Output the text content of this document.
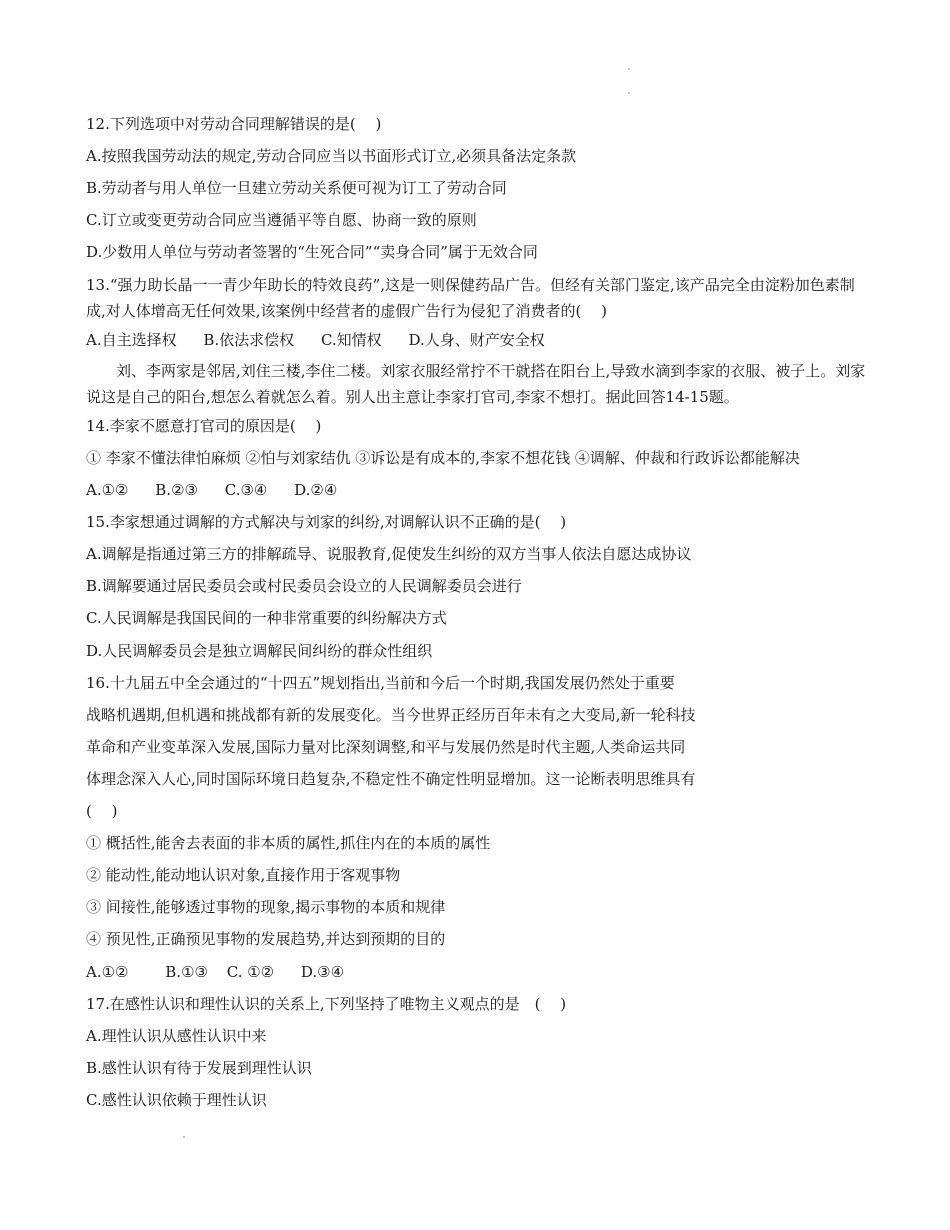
12.下列选项中对劳动合同理解错误的是(　 )
A.按照我国劳动法的规定,劳动合同应当以书面形式订立,必须具备法定条款
B.劳动者与用人单位一旦建立劳动关系便可视为订工了劳动合同
C.订立或变更劳动合同应当遵循平等自愿、协商一致的原则
D.少数用人单位与劳动者签署的“生死合同”“卖身合同”属于无效合同
13.“强力助长晶一一青少年助长的特效良药”,这是一则保健药品广告。但经有关部门鉴定,该产品完全由淀粉加色素制成,对人体增高无任何效果,该案例中经营者的虚假广告行为侵犯了消费者的(　 )
A.自主选择权 B.依法求偿权 C.知情权 D.人身、财产安全权
刘、李两家是邻居,刘住三楼,李住二楼。刘家衣服经常拧不干就搭在阳台上,导致水滴到李家的衣服、被子上。刘家说这是自己的阳台,想怎么着就怎么着。别人出主意让李家打官司,李家不想打。据此回答14-15题。
14.李家不愿意打官司的原因是(　 )
① 李家不懂法律怕麻烦 ②怕与刘家结仇 ③诉讼是有成本的,李家不想花钱 ④调解、仲裁和行政诉讼都能解决
A.①② B.②③ C.③④ D.②④
15.李家想通过调解的方式解决与刘家的纠纷,对调解认识不正确的是(　 )
A.调解是指通过第三方的排解疏导、说服教育,促使发生纠纷的双方当事人依法自愿达成协议
B.调解要通过居民委员会或村民委员会设立的人民调解委员会进行
C.人民调解是我国民间的一种非常重要的纠纷解决方式
D.人民调解委员会是独立调解民间纠纷的群众性组织
16.十九届五中全会通过的“十四五”规划指出,当前和今后一个时期,我国发展仍然处于重要
战略机遇期,但机遇和挑战都有新的发展变化。当今世界正经历百年未有之大变局,新一轮科技
革命和产业变革深入发展,国际力量对比深刻调整,和平与发展仍然是时代主题,人类命运共同
体理念深入人心,同时国际环境日趋复杂,不稳定性不确定性明显增加。这一论断表明思维具有
(　 )
① 概括性,能舍去表面的非本质的属性,抓住内在的本质的属性
② 能动性,能动地认识对象,直接作用于客观事物
③ 间接性,能够透过事物的现象,揭示事物的本质和规律
④ 预见性,正确预见事物的发展趋势,并达到预期的目的
A.①② B.①③ C. ①② D.③④
17.在感性认识和理性认识的关系上,下列坚持了唯物主义观点的是　(　 )
A.理性认识从感性认识中来
B.感性认识有待于发展到理性认识
C.感性认识依赖于理性认识
